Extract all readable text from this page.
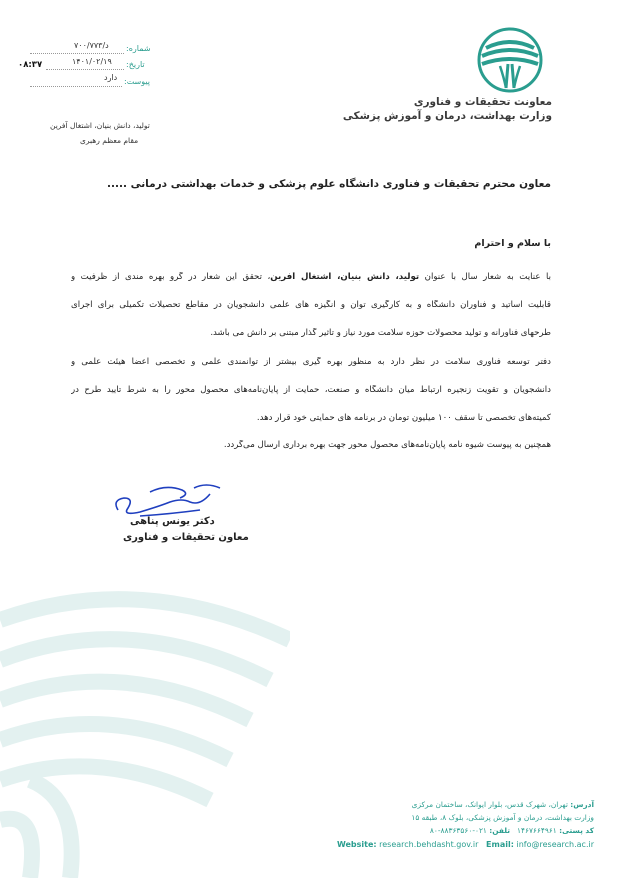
معاونت تحقیقات و فناوری
وزارت بهداشت، درمان و آموزش پزشکی
شماره:
۷۰۰/۷۷۳/د
تاریخ:
۱۴۰۱/۰۲/۱۹
۰۸:۳۷
پیوست:
دارد
تولید، دانش بنیان، اشتغال آفرین
مقام معظم رهبری
معاون محترم تحقیقات و فناوری دانشگاه علوم پزشکی و خدمات بهداشتی درمانی .....
با سلام و احترام
با عنایت به شعار سال با عنوان تولید، دانش بنیان، اشتغال آفرین، تحقق این شعار در گرو بهره مندی از ظرفیت و
قابلیت اساتید و فناوران دانشگاه و به کارگیری توان و انگیزه های علمی دانشجویان در مقاطع تحصیلات تکمیلی برای اجرای
طرحهای فناورانه و تولید محصولات حوزه سلامت مورد نیاز و تاثیر گذار مبتنی بر دانش می باشد.
دفتر توسعه فناوری سلامت در نظر دارد به منظور بهره گیری بیشتر از توانمندی علمی و تخصصی اعضا هیئت علمی و
دانشجویان و تقویت زنجیره ارتباط میان دانشگاه و صنعت، حمایت از پایان‌نامه‌های محصول محور را به شرط تایید طرح در
کمیته‌های تخصصی تا سقف ۱۰۰ میلیون تومان در برنامه های حمایتی خود قرار دهد.
همچنین به پیوست شیوه نامه پایان‌نامه‌های محصول محور جهت بهره برداری ارسال می‌گردد.
دکتر یونس پناهی
معاون تحقیقات و فناوری
آدرس: تهران، شهرک قدس، بلوار ایوانک، ساختمان مرکزی
وزارت بهداشت، درمان و آموزش پزشکی، بلوک ۸، طبقه ۱۵
کد پستی: ۱۴۶۷۶۶۴۹۶۱   تلفن: ۰۲۱-۸۸۳۶۳۵۶۰-۸۰
Website: research.behdasht.gov.ir Email: info@research.ac.ir
